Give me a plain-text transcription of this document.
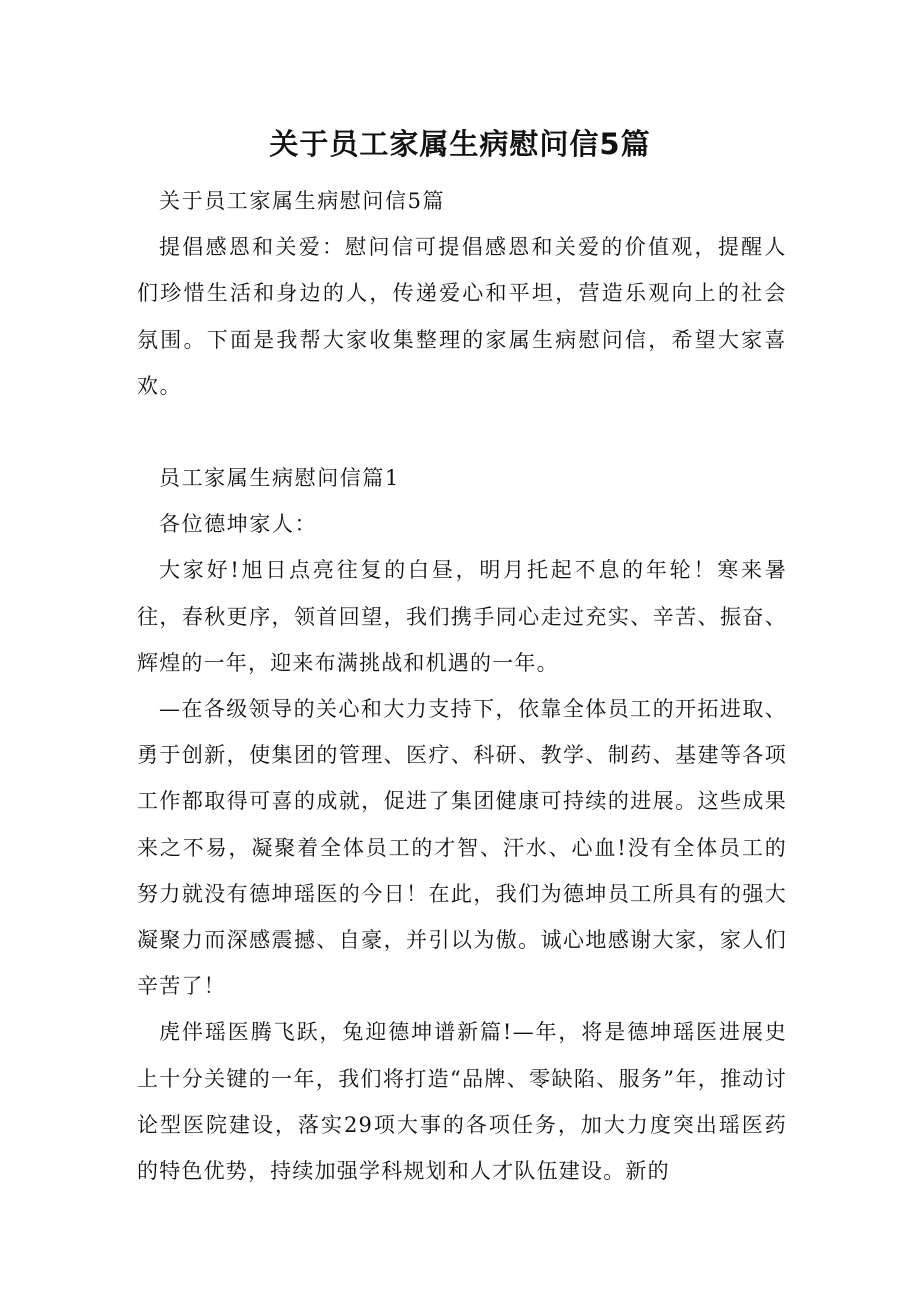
关于员工家属生病慰问信5篇

关于员工家属生病慰问信5篇

提倡感恩和关爱：慰问信可提倡感恩和关爱的价值观，提醒人们珍惜生活和身边的人，传递爱心和平坦，营造乐观向上的社会氛围。下面是我帮大家收集整理的家属生病慰问信，希望大家喜欢。

员工家属生病慰问信篇1

各位德坤家人：

大家好!旭日点亮往复的白昼，明月托起不息的年轮！寒来暑往，春秋更序，领首回望，我们携手同心走过充实、辛苦、振奋、辉煌的一年，迎来布满挑战和机遇的一年。

—在各级领导的关心和大力支持下，依靠全体员工的开拓进取、勇于创新，使集团的管理、医疗、科研、教学、制药、基建等各项工作都取得可喜的成就，促进了集团健康可持续的进展。这些成果来之不易，凝聚着全体员工的才智、汗水、心血!没有全体员工的努力就没有德坤瑶医的今日！在此，我们为德坤员工所具有的强大凝聚力而深感震撼、自豪，并引以为傲。诚心地感谢大家，家人们辛苦了！

虎伴瑶医腾飞跃，兔迎德坤谱新篇!—年，将是德坤瑶医进展史上十分关键的一年，我们将打造“品牌、零缺陷、服务”年，推动讨论型医院建设，落实29项大事的各项任务，加大力度突出瑶医药的特色优势，持续加强学科规划和人才队伍建设。新的
